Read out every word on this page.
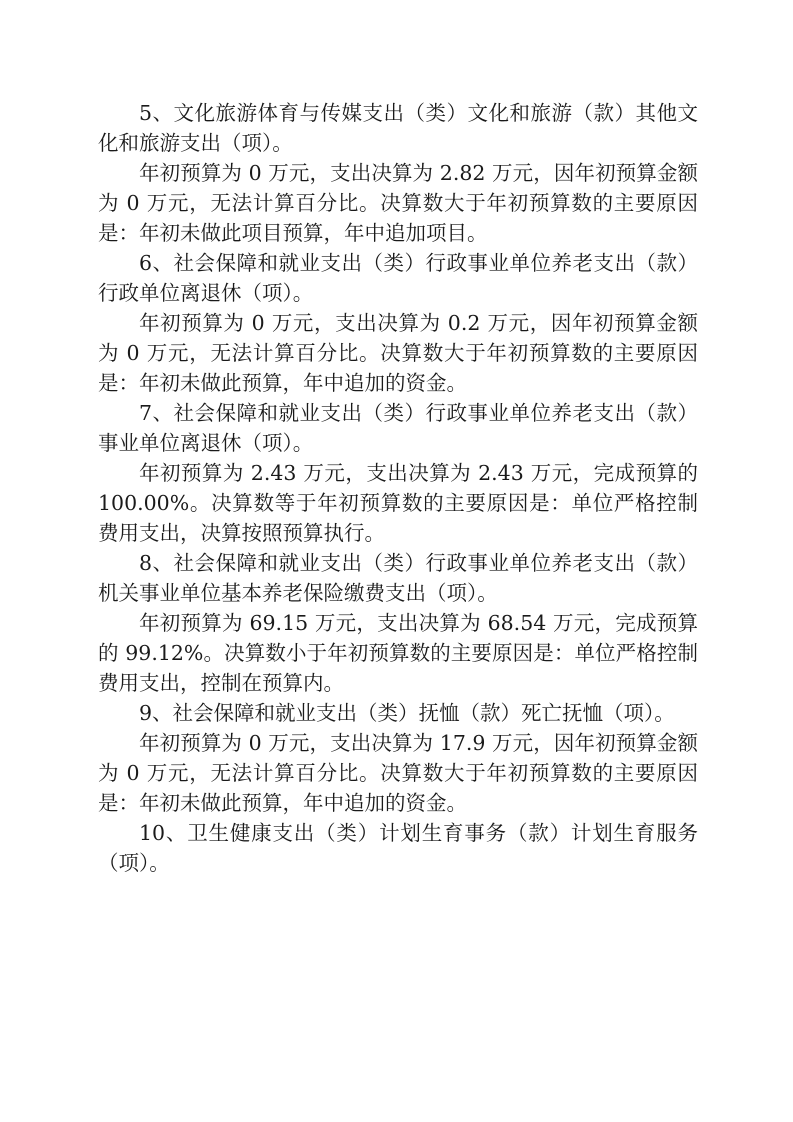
5、文化旅游体育与传媒支出（类）文化和旅游（款）其他文化和旅游支出（项）。

年初预算为 0 万元，支出决算为 2.82 万元，因年初预算金额为 0 万元，无法计算百分比。决算数大于年初预算数的主要原因是：年初未做此项目预算，年中追加项目。

6、社会保障和就业支出（类）行政事业单位养老支出（款）行政单位离退休（项）。

年初预算为 0 万元，支出决算为 0.2 万元，因年初预算金额为 0 万元，无法计算百分比。决算数大于年初预算数的主要原因是：年初未做此预算，年中追加的资金。

7、社会保障和就业支出（类）行政事业单位养老支出（款）事业单位离退休（项）。

年初预算为 2.43 万元，支出决算为 2.43 万元，完成预算的 100.00%。决算数等于年初预算数的主要原因是：单位严格控制费用支出，决算按照预算执行。

8、社会保障和就业支出（类）行政事业单位养老支出（款）机关事业单位基本养老保险缴费支出（项）。

年初预算为 69.15 万元，支出决算为 68.54 万元，完成预算的 99.12%。决算数小于年初预算数的主要原因是：单位严格控制费用支出，控制在预算内。

9、社会保障和就业支出（类）抚恤（款）死亡抚恤（项）。

年初预算为 0 万元，支出决算为 17.9 万元，因年初预算金额为 0 万元，无法计算百分比。决算数大于年初预算数的主要原因是：年初未做此预算，年中追加的资金。

10、卫生健康支出（类）计划生育事务（款）计划生育服务（项）。
